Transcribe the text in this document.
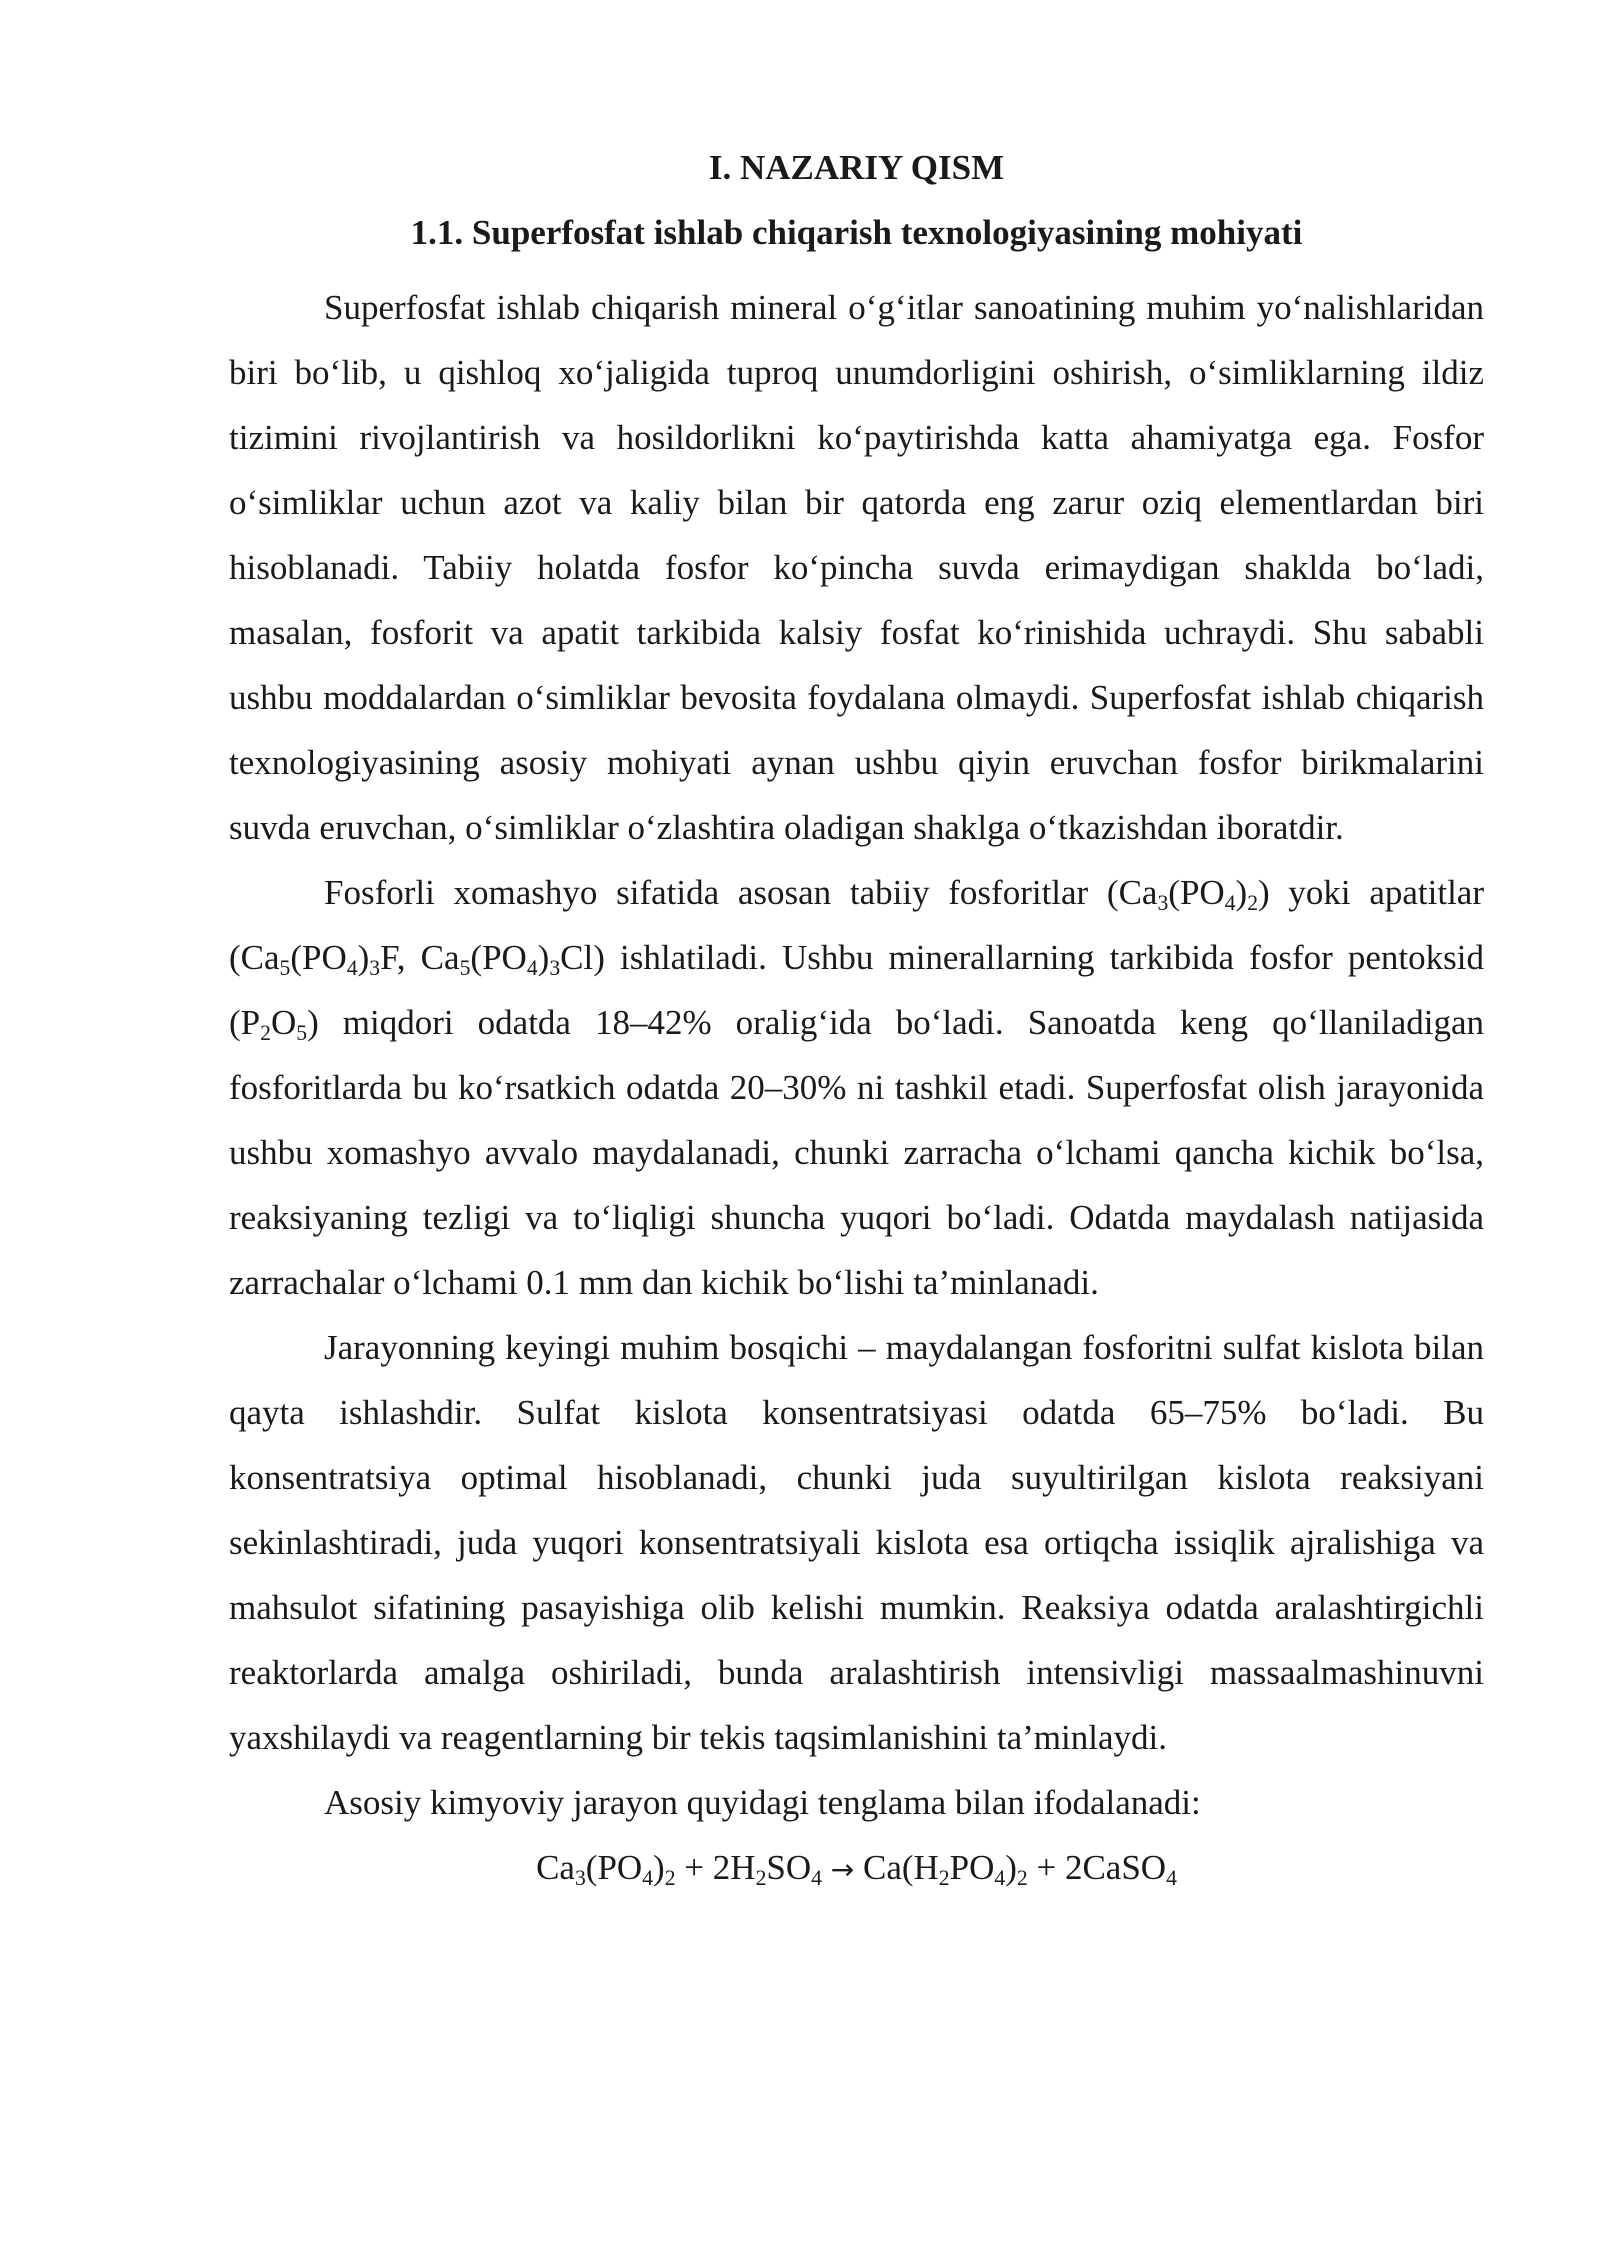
I. NAZARIY QISM

1.1. Superfosfat ishlab chiqarish texnologiyasining mohiyati

Superfosfat ishlab chiqarish mineral o‘g‘itlar sanoatining muhim yo‘nalishlaridan biri bo‘lib, u qishloq xo‘jaligida tuproq unumdorligini oshirish, o‘simliklarning ildiz tizimini rivojlantirish va hosildorlikni ko‘paytirishda katta ahamiyatga ega. Fosfor o‘simliklar uchun azot va kaliy bilan bir qatorda eng zarur oziq elementlardan biri hisoblanadi. Tabiiy holatda fosfor ko‘pincha suvda erimaydigan shaklda bo‘ladi, masalan, fosforit va apatit tarkibida kalsiy fosfat ko‘rinishida uchraydi. Shu sababli ushbu moddalardan o‘simliklar bevosita foydalana olmaydi. Superfosfat ishlab chiqarish texnologiyasining asosiy mohiyati aynan ushbu qiyin eruvchan fosfor birikmalarini suvda eruvchan, o‘simliklar o‘zlashtira oladigan shaklga o‘tkazishdan iboratdir.

Fosforli xomashyo sifatida asosan tabiiy fosforitlar $(Ca_3(PO_4)_2)$ yoki apatitlar ($Ca_5(PO_4)_3F$, $Ca_5(PO_4)_3Cl$) ishlatiladi. Ushbu minerallarning tarkibida fosfor pentoksid $(P_2O_5)$ miqdori odatda 18–42% oralig‘ida bo‘ladi. Sanoatda keng qo‘llaniladigan fosforitlarda bu ko‘rsatkich odatda 20–30% ni tashkil etadi. Superfosfat olish jarayonida ushbu xomashyo avvalo maydalanadi, chunki zarracha o‘lchami qancha kichik bo‘lsa, reaksiyaning tezligi va to‘liqligi shuncha yuqori bo‘ladi. Odatda maydalash natijasida zarrachalar o‘lchami 0.1 mm dan kichik bo‘lishi ta’minlanadi.

Jarayonning keyingi muhim bosqichi – maydalangan fosforitni sulfat kislota bilan qayta ishlashdir. Sulfat kislota konsentratsiyasi odatda 65–75% bo‘ladi. Bu konsentratsiya optimal hisoblanadi, chunki juda suyultirilgan kislota reaksiyani sekinlashtiradi, juda yuqori konsentratsiyali kislota esa ortiqcha issiqlik ajralishiga va mahsulot sifatining pasayishiga olib kelishi mumkin. Reaksiya odatda aralashtirgichli reaktorlarda amalga oshiriladi, bunda aralashtirish intensivligi massaalmashinuvni yaxshilaydi va reagentlarning bir tekis taqsimlanishini ta’minlaydi.

Asosiy kimyoviy jarayon quyidagi tenglama bilan ifodalanadi:

$Ca_3(PO_4)_2 + 2H_2SO_4 \to Ca(H_2PO_4)_2$ + 2CaSO$_4$
